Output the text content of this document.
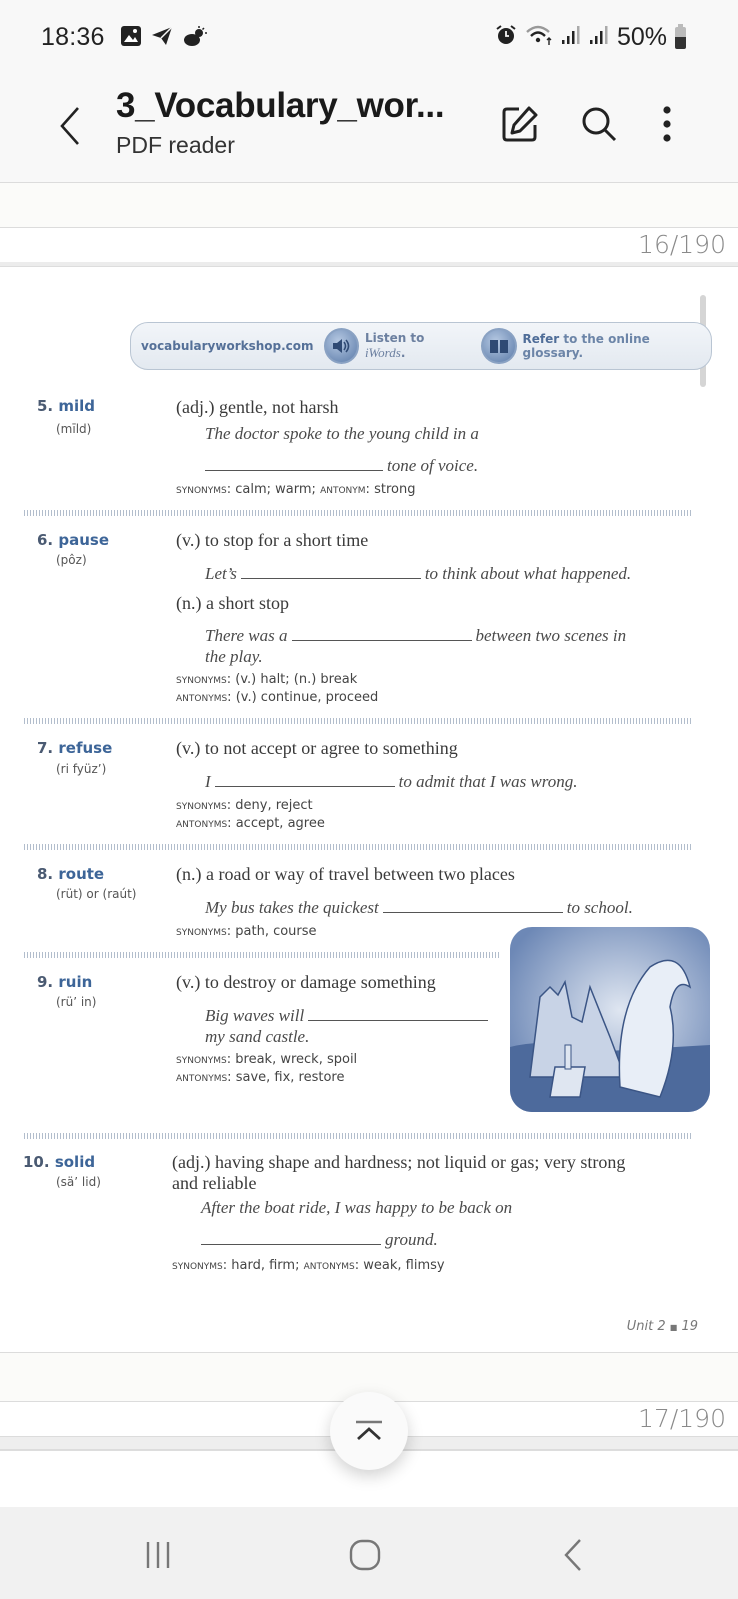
18:36	50%
3_Vocabulary_wor...
PDF reader
16/190
vocabularyworkshop.com
Listen to iWords.
Refer to the online glossary.
5. mild
(mīld)
(adj.) gentle, not harsh
The doctor spoke to the young child in a
tone of voice.
synonyms: calm; warm; antonym: strong
6. pause
(pôz)
(v.) to stop for a short time
Let’s	to think about what happened.
(n.) a short stop
There was a	between two scenes in
the play.
synonyms: (v.) halt; (n.) break
antonyms: (v.) continue, proceed
7. refuse
(ri fyüz’)
(v.) to not accept or agree to something
I	to admit that I was wrong.
synonyms: deny, reject
antonyms: accept, agree
8. route
(rüt) or (raút)
(n.) a road or way of travel between two places
My bus takes the quickest	to school.
synonyms: path, course
9. ruin
(rü’ in)
(v.) to destroy or damage something
Big waves will
my sand castle.
synonyms: break, wreck, spoil
antonyms: save, fix, restore
10. solid
(sä’ lid)
(adj.) having shape and hardness; not liquid or gas; very strong
and reliable
After the boat ride, I was happy to be back on
ground.
synonyms: hard, firm; antonyms: weak, flimsy
Unit 2 ■ 19
17/190
